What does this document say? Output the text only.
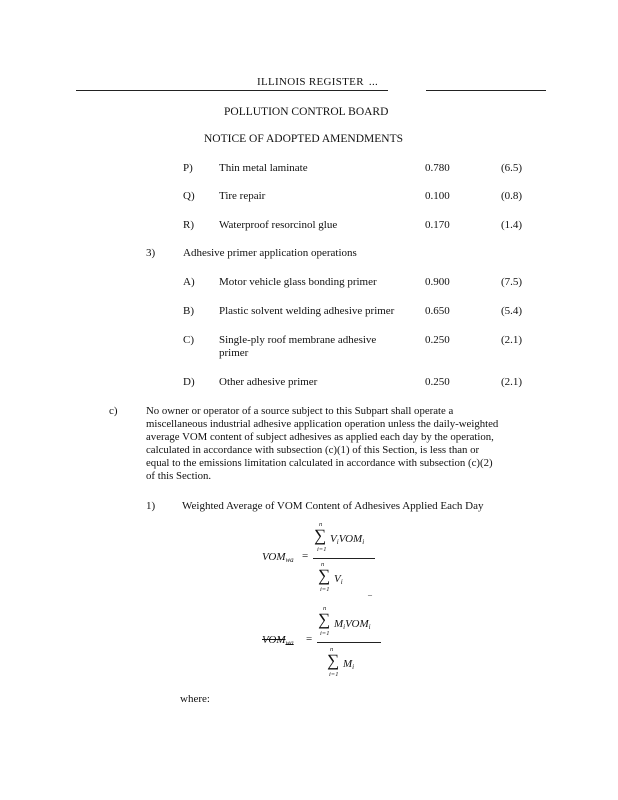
ILLINOIS REGISTER ...
POLLUTION CONTROL BOARD
NOTICE OF ADOPTED AMENDMENTS
P) Thin metal laminate	0.780	(6.5)
Q) Tire repair	0.100	(0.8)
R) Waterproof resorcinol glue	0.170	(1.4)
3)	Adhesive primer application operations
A) Motor vehicle glass bonding primer	0.900	(7.5)
B) Plastic solvent welding adhesive primer	0.650	(5.4)
C) Single-ply roof membrane adhesive
primer
0.250	(2.1)
D) Other adhesive primer	0.250	(2.1)
c)	No owner or operator of a source subject to this Subpart shall operate a
miscellaneous industrial adhesive application operation unless the daily-weighted
average VOM content of subject adhesives as applied each day by the operation,
calculated in accordance with subsection (c)(1) of this Section, is less than or
equal to the emissions limitation calculated in accordance with subsection (c)(2)
of this Section.
1) Weighted Average of VOM Content of Adhesives Applied Each Day
$VOM_{wa}$ =
n
∑
i=1
$V_iVOM_i$
n
∑
i=1
$V_i$
–
$VOM_{wa}$ =
n
∑
i=1
$M_iVOM_i$
n
∑
i=1
$M_i$
where:
